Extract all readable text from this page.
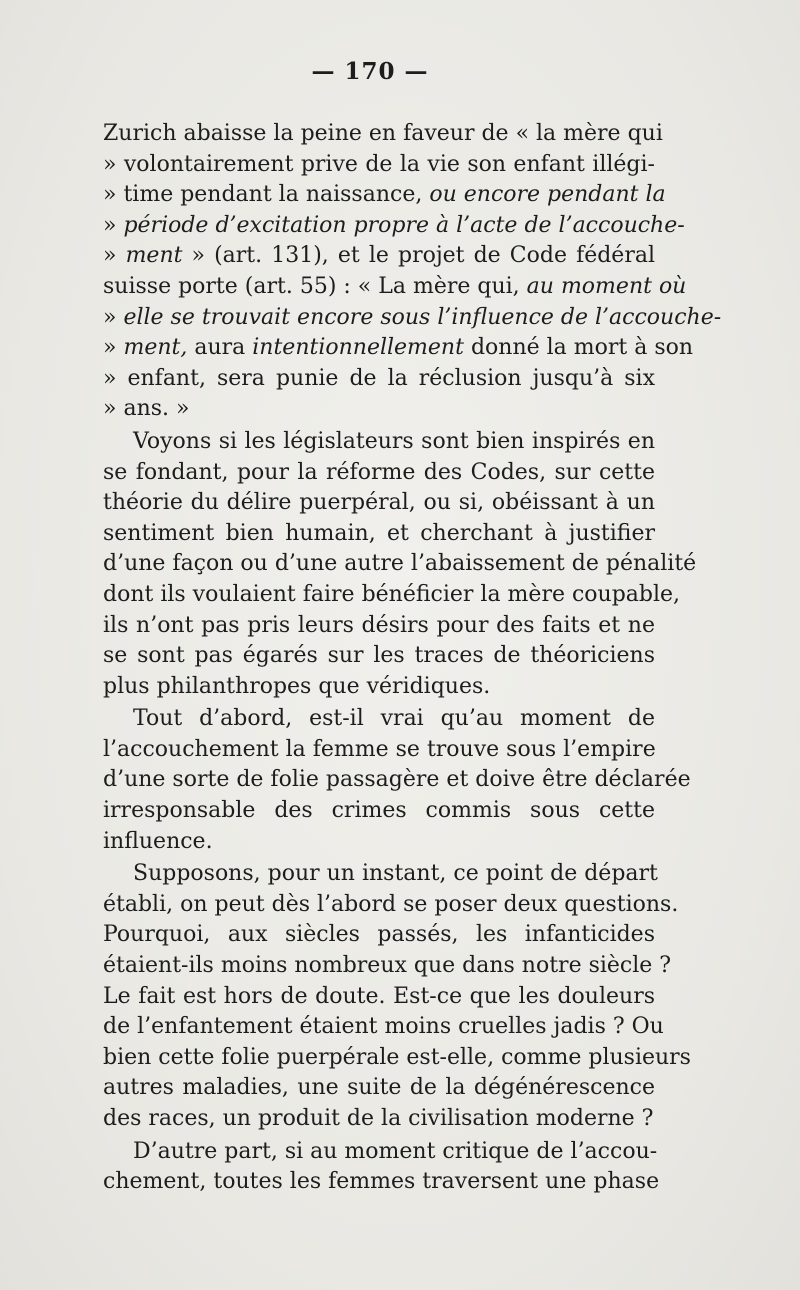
— 170 —
Zurich abaisse la peine en faveur de « la mère qui
» volontairement prive de la vie son enfant illégi-
» time pendant la naissance, ou encore pendant la
» période d’excitation propre à l’acte de l’accouche-
» ment » (art. 131), et le projet de Code fédéral
suisse porte (art. 55) : « La mère qui, au moment où
» elle se trouvait encore sous l’influence de l’accouche-
» ment, aura intentionnellement donné la mort à son
» enfant, sera punie de la réclusion jusqu’à six
» ans. »
Voyons si les législateurs sont bien inspirés en
se fondant, pour la réforme des Codes, sur cette
théorie du délire puerpéral, ou si, obéissant à un
sentiment bien humain, et cherchant à justifier
d’une façon ou d’une autre l’abaissement de pénalité
dont ils voulaient faire bénéficier la mère coupable,
ils n’ont pas pris leurs désirs pour des faits et ne
se sont pas égarés sur les traces de théoriciens
plus philanthropes que véridiques.
Tout d’abord, est-il vrai qu’au moment de
l’accouchement la femme se trouve sous l’empire
d’une sorte de folie passagère et doive être déclarée
irresponsable des crimes commis sous cette
influence.
Supposons, pour un instant, ce point de départ
établi, on peut dès l’abord se poser deux questions.
Pourquoi, aux siècles passés, les infanticides
étaient-ils moins nombreux que dans notre siècle ?
Le fait est hors de doute. Est-ce que les douleurs
de l’enfantement étaient moins cruelles jadis ? Ou
bien cette folie puerpérale est-elle, comme plusieurs
autres maladies, une suite de la dégénérescence
des races, un produit de la civilisation moderne ?
D’autre part, si au moment critique de l’accou-
chement, toutes les femmes traversent une phase
